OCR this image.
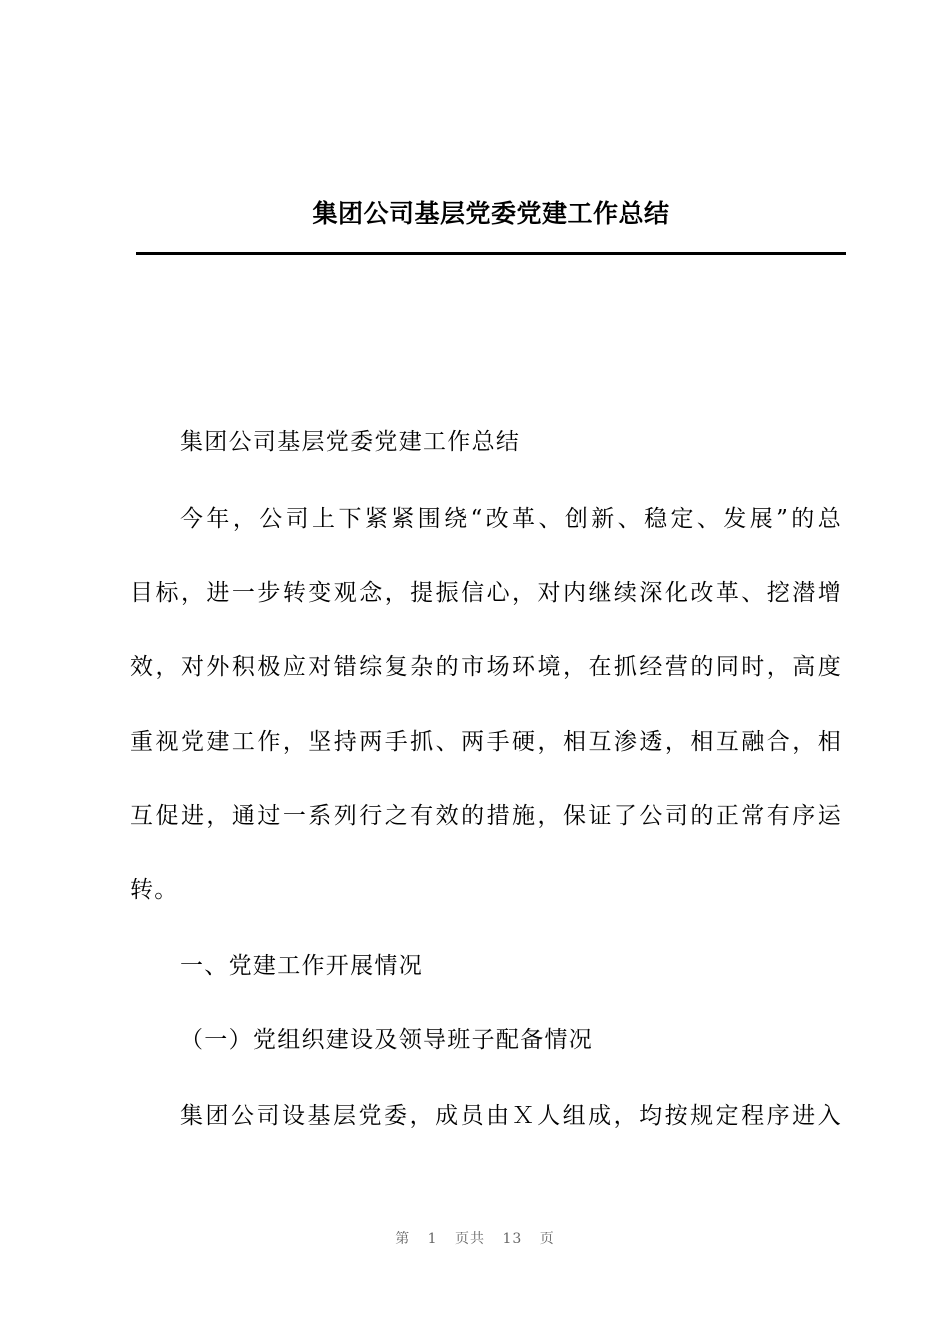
集团公司基层党委党建工作总结
集团公司基层党委党建工作总结
今年，公司上下紧紧围绕“改革、创新、稳定、发展”的总
目标，进一步转变观念，提振信心，对内继续深化改革、挖潜增
效，对外积极应对错综复杂的市场环境，在抓经营的同时，高度
重视党建工作，坚持两手抓、两手硬，相互渗透，相互融合，相
互促进，通过一系列行之有效的措施，保证了公司的正常有序运
转。
一、党建工作开展情况
（一）党组织建设及领导班子配备情况
集团公司设基层党委，成员由Ｘ人组成，均按规定程序进入
第 1 页共 13 页
